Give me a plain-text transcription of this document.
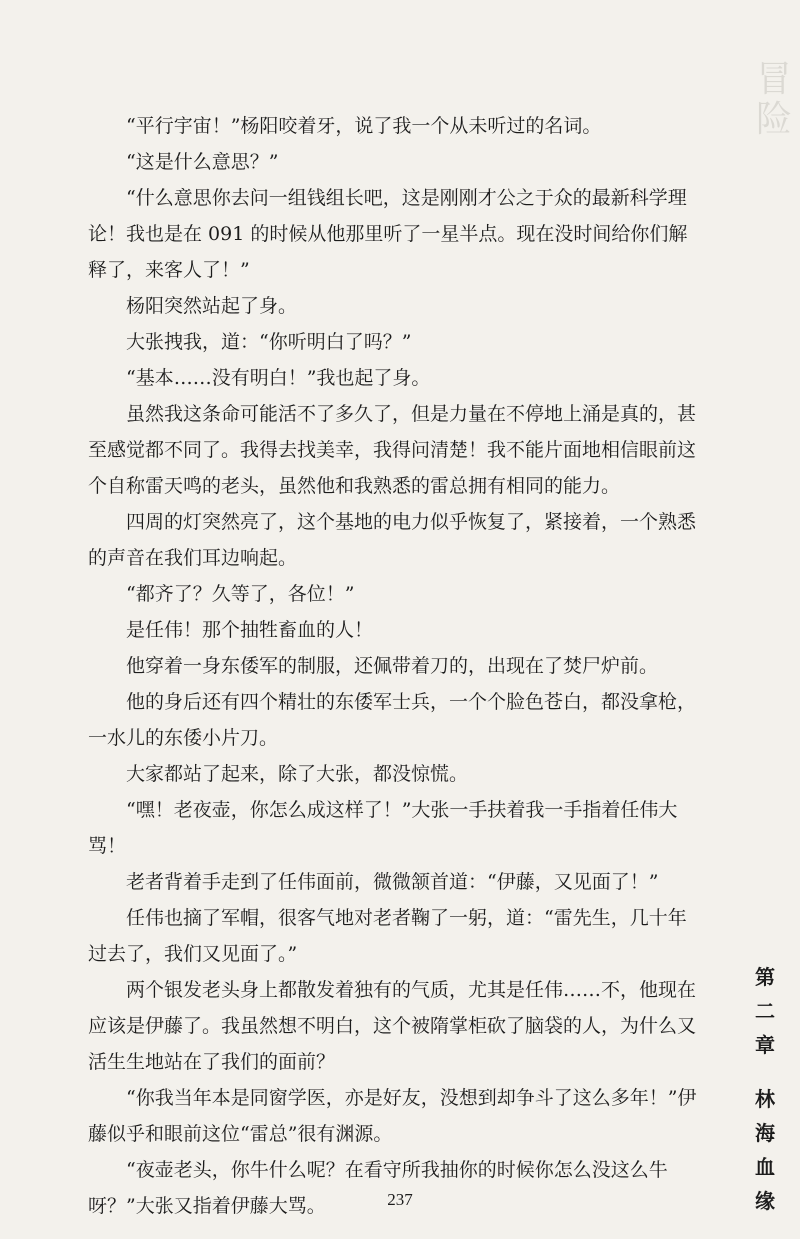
冒
险

“平行宇宙！”杨阳咬着牙，说了我一个从未听过的名词。

“这是什么意思？”

“什么意思你去问一组钱组长吧，这是刚刚才公之于众的最新科学理论！我也是在 091 的时候从他那里听了一星半点。现在没时间给你们解释了，来客人了！”

杨阳突然站起了身。

大张拽我，道：“你听明白了吗？”

“基本……没有明白！”我也起了身。

虽然我这条命可能活不了多久了，但是力量在不停地上涌是真的，甚至感觉都不同了。我得去找美幸，我得问清楚！我不能片面地相信眼前这个自称雷天鸣的老头，虽然他和我熟悉的雷总拥有相同的能力。

四周的灯突然亮了，这个基地的电力似乎恢复了，紧接着，一个熟悉的声音在我们耳边响起。

“都齐了？久等了，各位！”

是任伟！那个抽牲畜血的人！

他穿着一身东倭军的制服，还佩带着刀的，出现在了焚尸炉前。

他的身后还有四个精壮的东倭军士兵，一个个脸色苍白，都没拿枪，一水儿的东倭小片刀。

大家都站了起来，除了大张，都没惊慌。

“嘿！老夜壶，你怎么成这样了！”大张一手扶着我一手指着任伟大骂！

老者背着手走到了任伟面前，微微颔首道：“伊藤，又见面了！”

任伟也摘了军帽，很客气地对老者鞠了一躬，道：“雷先生，几十年过去了，我们又见面了。”

两个银发老头身上都散发着独有的气质，尤其是任伟……不，他现在应该是伊藤了。我虽然想不明白，这个被隋掌柜砍了脑袋的人，为什么又活生生地站在了我们的面前？

“你我当年本是同窗学医，亦是好友，没想到却争斗了这么多年！”伊藤似乎和眼前这位“雷总”很有渊源。

“夜壶老头，你牛什么呢？在看守所我抽你的时候你怎么没这么牛呀？”大张又指着伊藤大骂。

第
二
章
林
海
血
缘
237
